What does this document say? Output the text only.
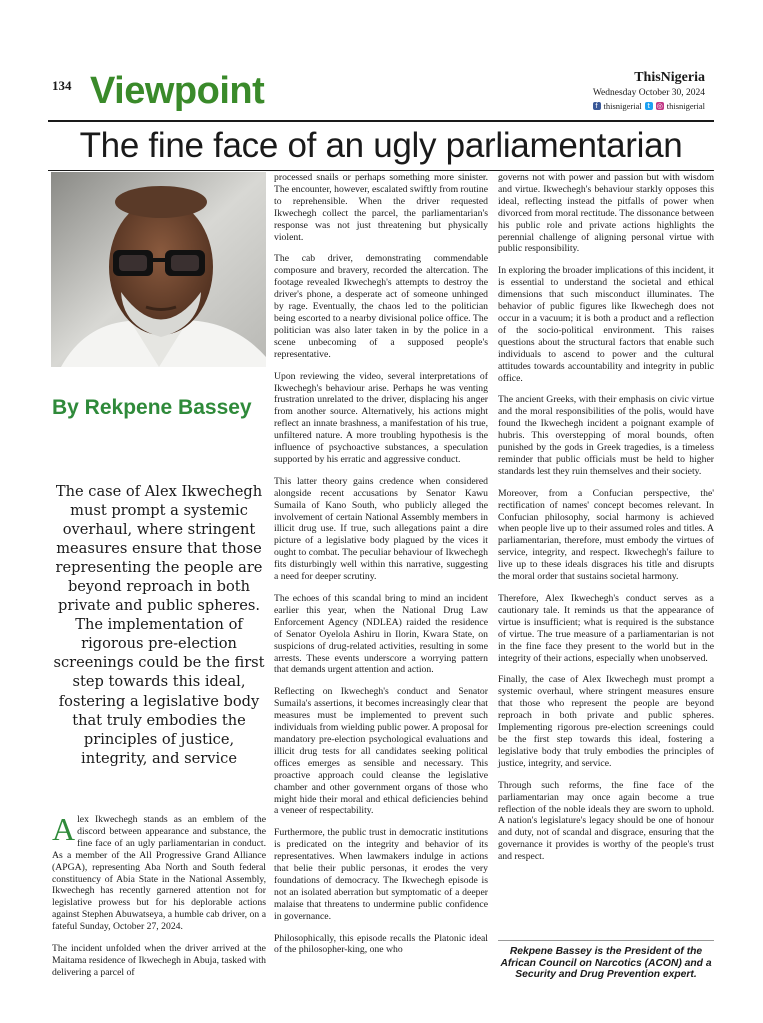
134 Viewpoint	ThisNigeria
Wednesday October 30, 2024
f thisnigerial t ◎ thisnigerial
The fine face of an ugly parliamentarian
By Rekpene Bassey
The case of Alex Ikwechegh must prompt a systemic overhaul, where stringent measures ensure that those representing the people are beyond reproach in both private and public spheres. The implementation of rigorous pre-election screenings could be the first step towards this ideal, fostering a legislative body that truly embodies the principles of justice, integrity, and service

Alex Ikwechegh stands as an emblem of the discord between appearance and substance, the fine face of an ugly parliamentarian in conduct. As a member of the All Progressive Grand Alliance (APGA), representing Aba North and South federal constituency of Abia State in the National Assembly, Ikwechegh has recently garnered attention not for legislative prowess but for his deplorable actions against Stephen Abuwatseya, a humble cab driver, on a fateful Sunday, October 27, 2024.

The incident unfolded when the driver arrived at the Maitama residence of Ikwechegh in Abuja, tasked with delivering a parcel of

processed snails or perhaps something more sinister. The encounter, however, escalated swiftly from routine to reprehensible. When the driver requested Ikwechegh collect the parcel, the parliamentarian's response was not just threatening but physically violent.

The cab driver, demonstrating commendable composure and bravery, recorded the altercation. The footage revealed Ikwechegh's attempts to destroy the driver's phone, a desperate act of someone unhinged by rage. Eventually, the chaos led to the politician being escorted to a nearby divisional police office. The politician was also later taken in by the police in a scene unbecoming of a supposed people's representative.

Upon reviewing the video, several interpretations of Ikwechegh's behaviour arise. Perhaps he was venting frustration unrelated to the driver, displacing his anger from another source. Alternatively, his actions might reflect an innate brashness, a manifestation of his true, unfiltered nature. A more troubling hypothesis is the influence of psychoactive substances, a speculation supported by his erratic and aggressive conduct.

This latter theory gains credence when considered alongside recent accusations by Senator Kawu Sumaila of Kano South, who publicly alleged the involvement of certain National Assembly members in illicit drug use. If true, such allegations paint a dire picture of a legislative body plagued by the vices it ought to combat. The peculiar behaviour of Ikwechegh fits disturbingly well within this narrative, suggesting a need for deeper scrutiny.

The echoes of this scandal bring to mind an incident earlier this year, when the National Drug Law Enforcement Agency (NDLEA) raided the residence of Senator Oyelola Ashiru in Ilorin, Kwara State, on suspicions of drug-related activities, resulting in some arrests. These events underscore a worrying pattern that demands urgent attention and action.

Reflecting on Ikwechegh's conduct and Senator Sumaila's assertions, it becomes increasingly clear that measures must be implemented to prevent such individuals from wielding public power. A proposal for mandatory pre-election psychological evaluations and illicit drug tests for all candidates seeking political offices emerges as sensible and necessary. This proactive approach could cleanse the legislative chamber and other government organs of those who might hide their moral and ethical deficiencies behind a veneer of respectability.

Furthermore, the public trust in democratic institutions is predicated on the integrity and behavior of its representatives. When lawmakers indulge in actions that belie their public personas, it erodes the very foundations of democracy. The Ikwechegh episode is not an isolated aberration but symptomatic of a deeper malaise that threatens to undermine public confidence in governance.

Philosophically, this episode recalls the Platonic ideal of the philosopher-king, one who

governs not with power and passion but with wisdom and virtue. Ikwechegh's behaviour starkly opposes this ideal, reflecting instead the pitfalls of power when divorced from moral rectitude. The dissonance between his public role and private actions highlights the perennial challenge of aligning personal virtue with public responsibility.

In exploring the broader implications of this incident, it is essential to understand the societal and ethical dimensions that such misconduct illuminates. The behavior of public figures like Ikwechegh does not occur in a vacuum; it is both a product and a reflection of the socio-political environment. This raises questions about the structural factors that enable such individuals to ascend to power and the cultural attitudes towards accountability and integrity in public office.

The ancient Greeks, with their emphasis on civic virtue and the moral responsibilities of the polis, would have found the Ikwechegh incident a poignant example of hubris. This overstepping of moral bounds, often punished by the gods in Greek tragedies, is a timeless reminder that public officials must be held to higher standards lest they ruin themselves and their society.

Moreover, from a Confucian perspective, the' rectification of names' concept becomes relevant. In Confucian philosophy, social harmony is achieved when people live up to their assumed roles and titles. A parliamentarian, therefore, must embody the virtues of service, integrity, and respect. Ikwechegh's failure to live up to these ideals disgraces his title and disrupts the moral order that sustains societal harmony.

Therefore, Alex Ikwechegh's conduct serves as a cautionary tale. It reminds us that the appearance of virtue is insufficient; what is required is the substance of virtue. The true measure of a parliamentarian is not in the fine face they present to the world but in the integrity of their actions, especially when unobserved.

Finally, the case of Alex Ikwechegh must prompt a systemic overhaul, where stringent measures ensure that those who represent the people are beyond reproach in both private and public spheres. Implementing rigorous pre-election screenings could be the first step towards this ideal, fostering a legislative body that truly embodies the principles of justice, integrity, and service.

Through such reforms, the fine face of the parliamentarian may once again become a true reflection of the noble ideals they are sworn to uphold. A nation's legislature's legacy should be one of honour and duty, not of scandal and disgrace, ensuring that the governance it provides is worthy of the people's trust and respect.

Rekpene Bassey is the President of the African Council on Narcotics (ACON) and a Security and Drug Prevention expert.
